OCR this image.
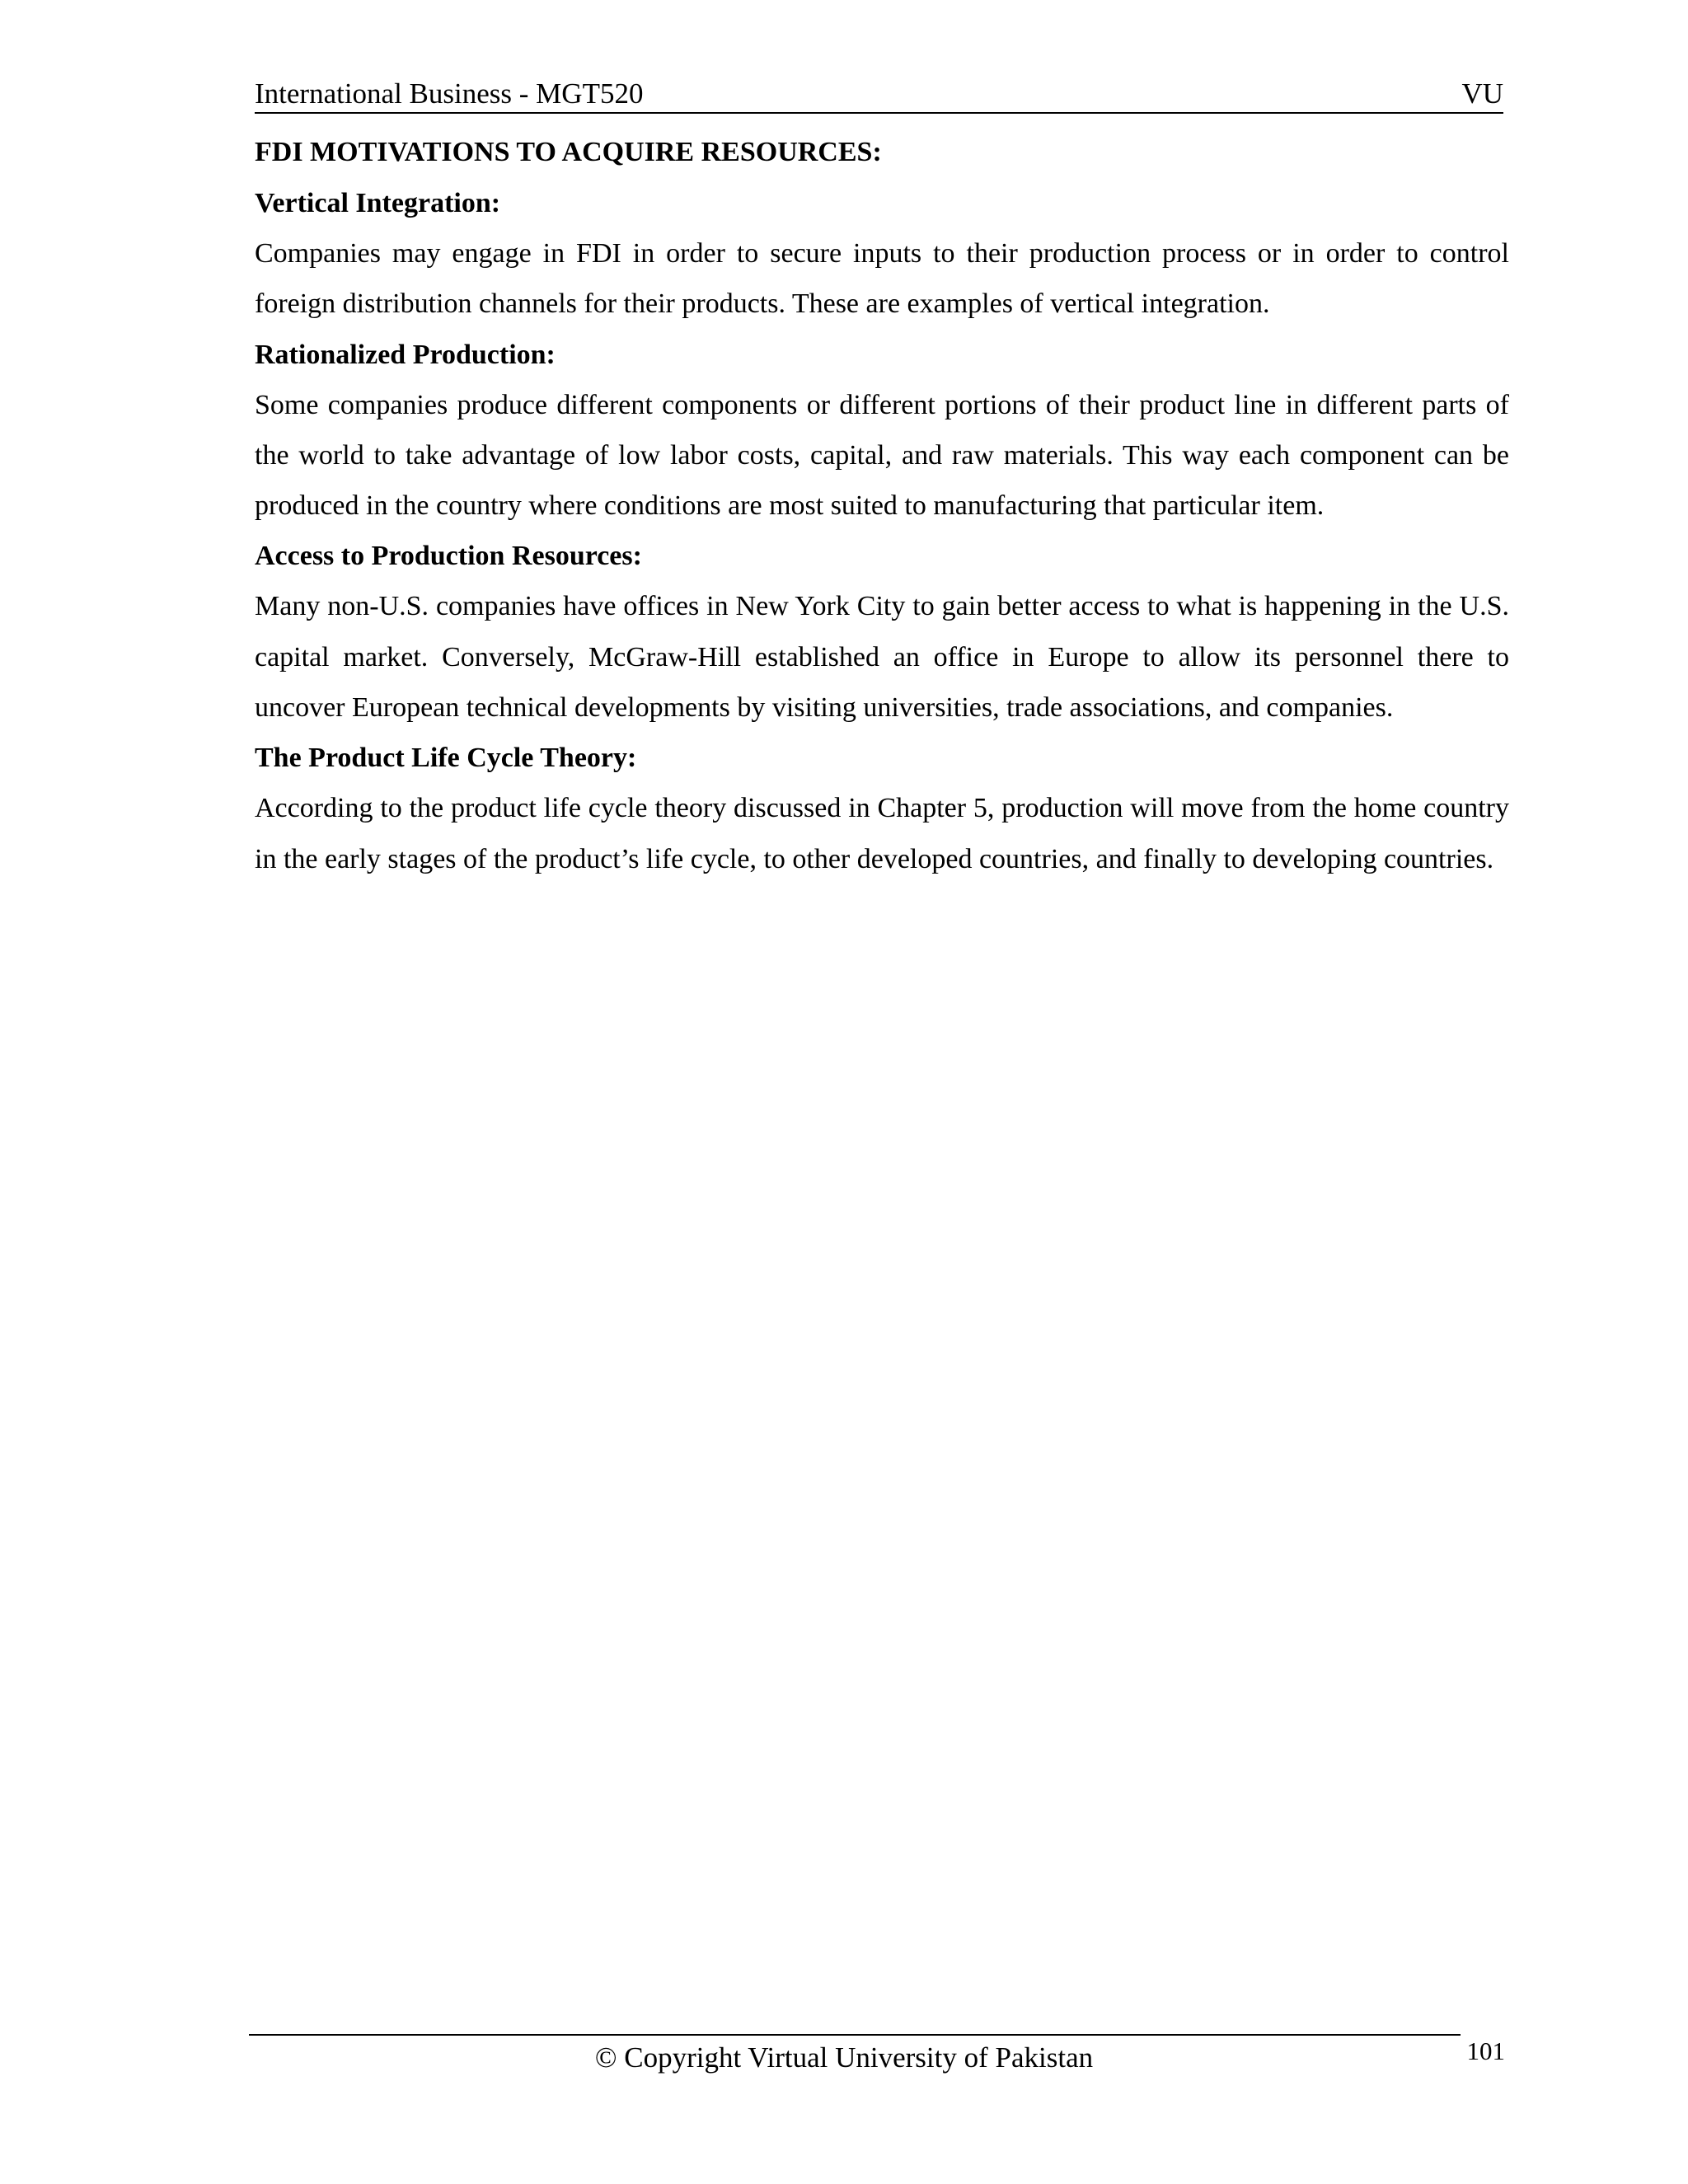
International Business - MGT520	VU

FDI MOTIVATIONS TO ACQUIRE RESOURCES:

Vertical Integration:

Companies may engage in FDI in order to secure inputs to their production process or in order to control foreign distribution channels for their products. These are examples of vertical integration.

Rationalized Production:

Some companies produce different components or different portions of their product line in different parts of the world to take advantage of low labor costs, capital, and raw materials. This way each component can be produced in the country where conditions are most suited to manufacturing that particular item.

Access to Production Resources:

Many non-U.S. companies have offices in New York City to gain better access to what is happening in the U.S. capital market. Conversely, McGraw-Hill established an office in Europe to allow its personnel there to uncover European technical developments by visiting universities, trade associations, and companies.

The Product Life Cycle Theory:

According to the product life cycle theory discussed in Chapter 5, production will move from the home country in the early stages of the product’s life cycle, to other developed countries, and finally to developing countries.

© Copyright Virtual University of Pakistan	101
